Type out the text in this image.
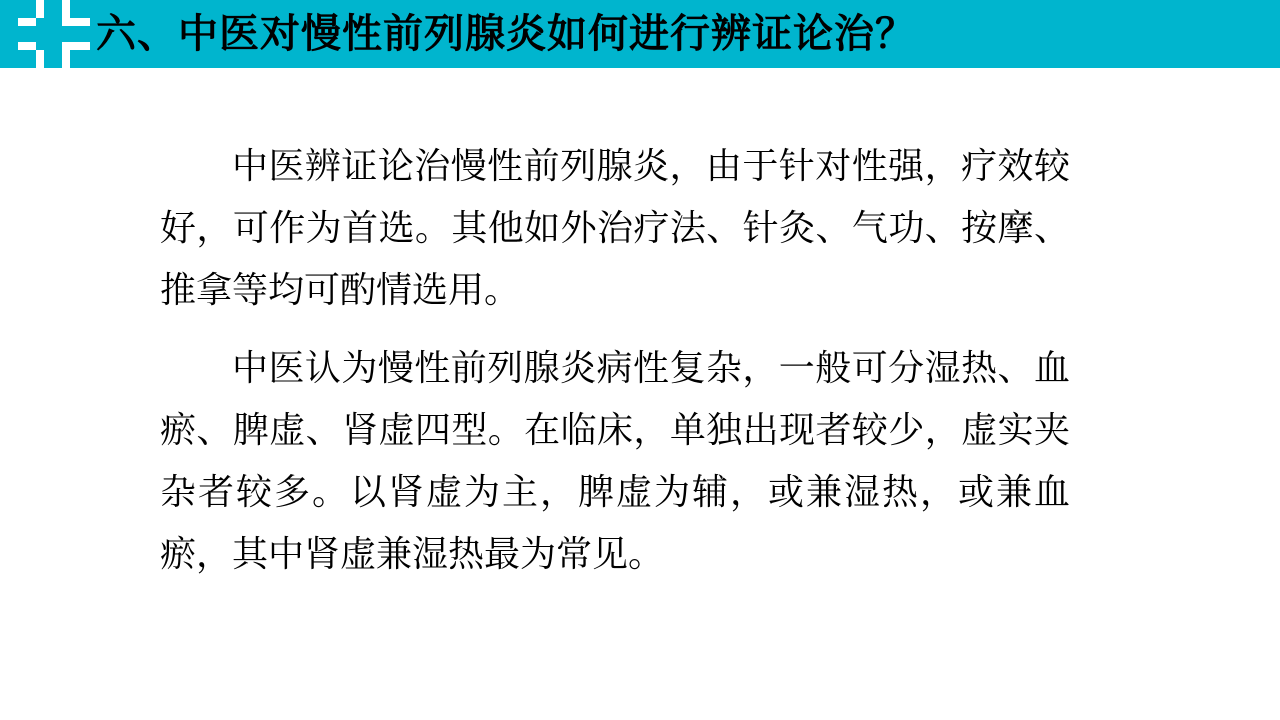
六、中医对慢性前列腺炎如何进行辨证论治？

中医辨证论治慢性前列腺炎，由于针对性强，疗效较好，可作为首选。其他如外治疗法、针灸、气功、按摩、推拿等均可酌情选用。

中医认为慢性前列腺炎病性复杂，一般可分湿热、血瘀、脾虚、肾虚四型。在临床，单独出现者较少，虚实夹杂者较多。以肾虚为主，脾虚为辅，或兼湿热，或兼血瘀，其中肾虚兼湿热最为常见。
